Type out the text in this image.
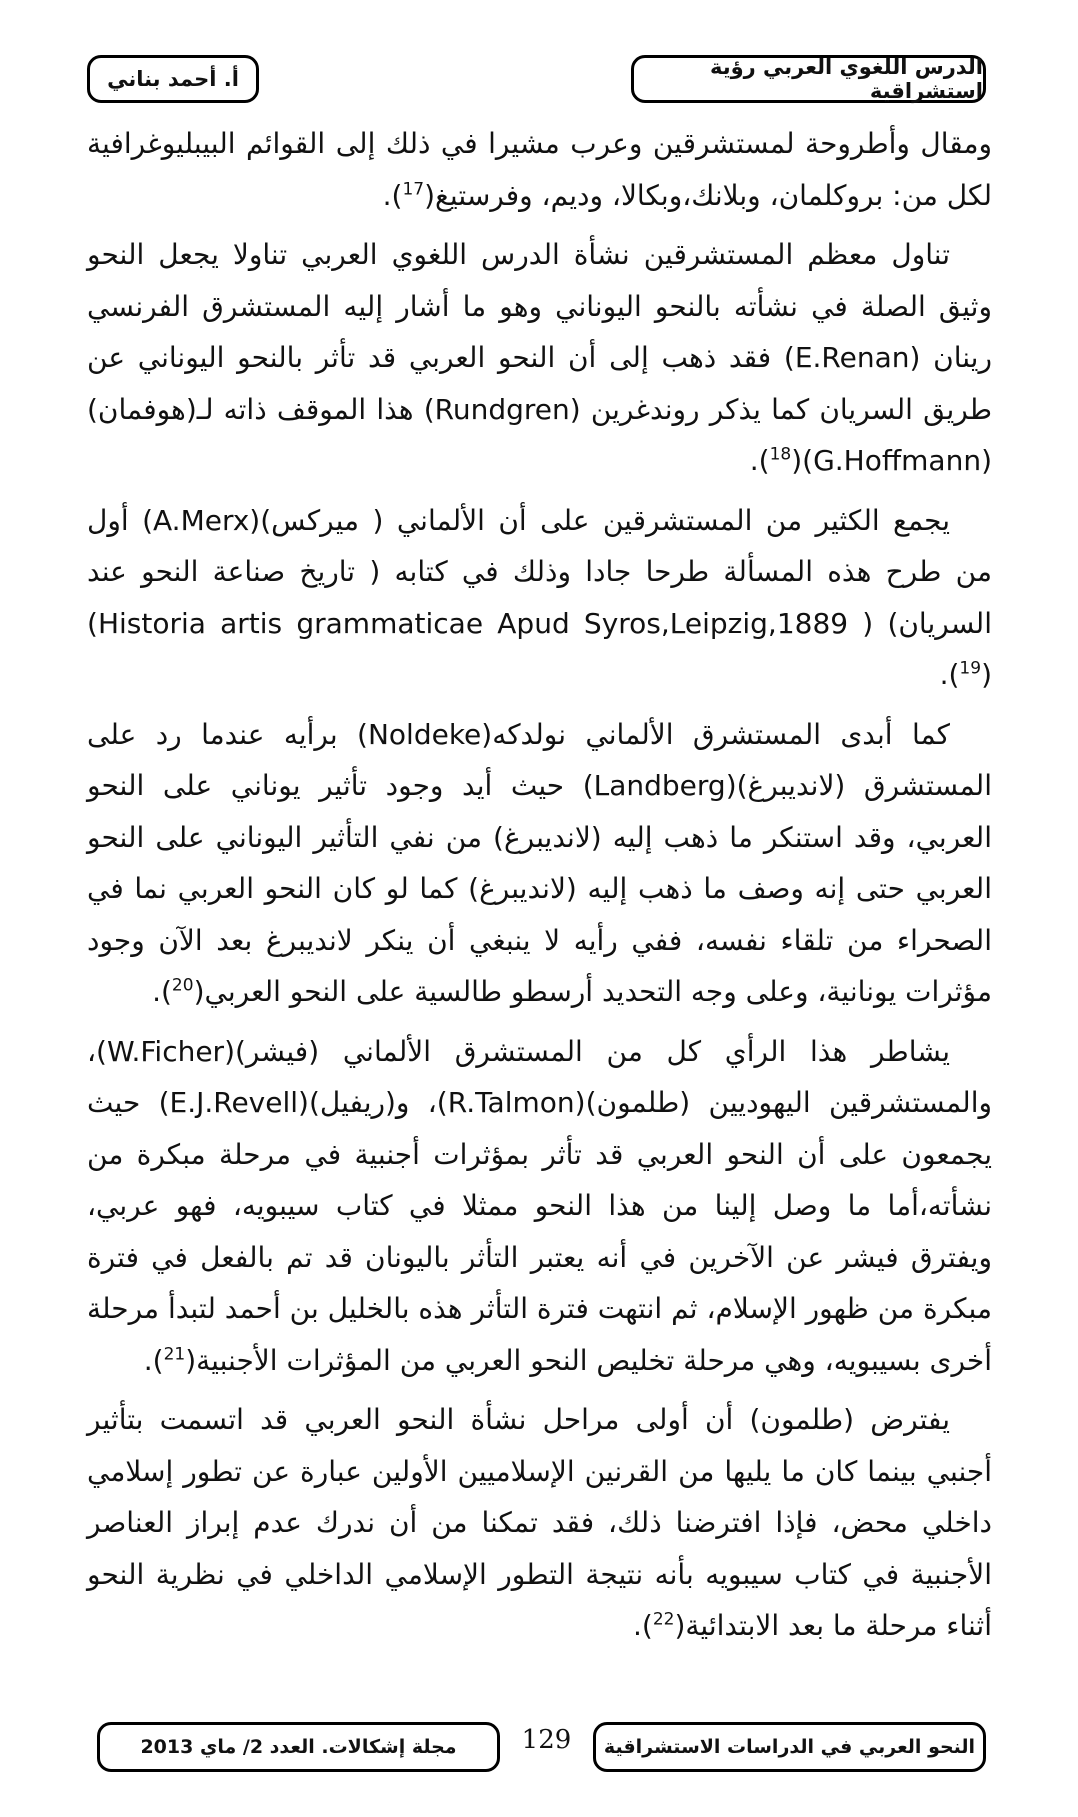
أ. أحمد بناني	الدرس اللغوي العربي رؤية استشراقية

ومقال وأطروحة لمستشرقين وعرب مشيرا في ذلك إلى القوائم البيبليوغرافية لكل من: بروكلمان، وبلانك،وبكالا، وديم، وفرستيغ($^{17}$).

تناول معظم المستشرقين نشأة الدرس اللغوي العربي تناولا يجعل النحو وثيق الصلة في نشأته بالنحو اليوناني وهو ما أشار إليه المستشرق الفرنسي رينان (E.Renan) فقد ذهب إلى أن النحو العربي قد تأثر بالنحو اليوناني عن طريق السريان كما يذكر روندغرين (Rundgren) هذا الموقف ذاته لـ(هوفمان) (G.Hoffmann)($^{18}$).

يجمع الكثير من المستشرقين على أن الألماني ( ميركس)(A.Merx) أول من طرح هذه المسألة طرحا جادا وذلك في كتابه ( تاريخ صناعة النحو عند السريان) ( Historia artis grammaticae Apud Syros,Leipzig,1889)($^{19}$).

كما أبدى المستشرق الألماني نولدكه(Noldeke) برأيه عندما رد على المستشرق (لانديبرغ)(Landberg) حيث أيد وجود تأثير يوناني على النحو العربي، وقد استنكر ما ذهب إليه (لانديبرغ) من نفي التأثير اليوناني على النحو العربي حتى إنه وصف ما ذهب إليه (لانديبرغ) كما لو كان النحو العربي نما في الصحراء من تلقاء نفسه، ففي رأيه لا ينبغي أن ينكر لانديبرغ بعد الآن وجود مؤثرات يونانية، وعلى وجه التحديد أرسطو طالسية على النحو العربي($^{20}$).

يشاطر هذا الرأي كل من المستشرق الألماني (فيشر)(W.Ficher)، والمستشرقين اليهوديين (طلمون)(R.Talmon)، و(ريفيل)(E.J.Revell) حيث يجمعون على أن النحو العربي قد تأثر بمؤثرات أجنبية في مرحلة مبكرة من نشأته،أما ما وصل إلينا من هذا النحو ممثلا في كتاب سيبويه، فهو عربي، ويفترق فيشر عن الآخرين في أنه يعتبر التأثر باليونان قد تم بالفعل في فترة مبكرة من ظهور الإسلام، ثم انتهت فترة التأثر هذه بالخليل بن أحمد لتبدأ مرحلة أخرى بسيبويه، وهي مرحلة تخليص النحو العربي من المؤثرات الأجنبية($^{21}$).

يفترض (طلمون) أن أولى مراحل نشأة النحو العربي قد اتسمت بتأثير أجنبي بينما كان ما يليها من القرنين الإسلاميين الأولين عبارة عن تطور إسلامي داخلي محض، فإذا افترضنا ذلك، فقد تمكنا من أن ندرك عدم إبراز العناصر الأجنبية في كتاب سيبويه بأنه نتيجة التطور الإسلامي الداخلي في نظرية النحو أثناء مرحلة ما بعد الابتدائية($^{22}$).

مجلة إشكالات. العدد 2/ ماي 2013	129	النحو العربي في الدراسات الاستشراقية
